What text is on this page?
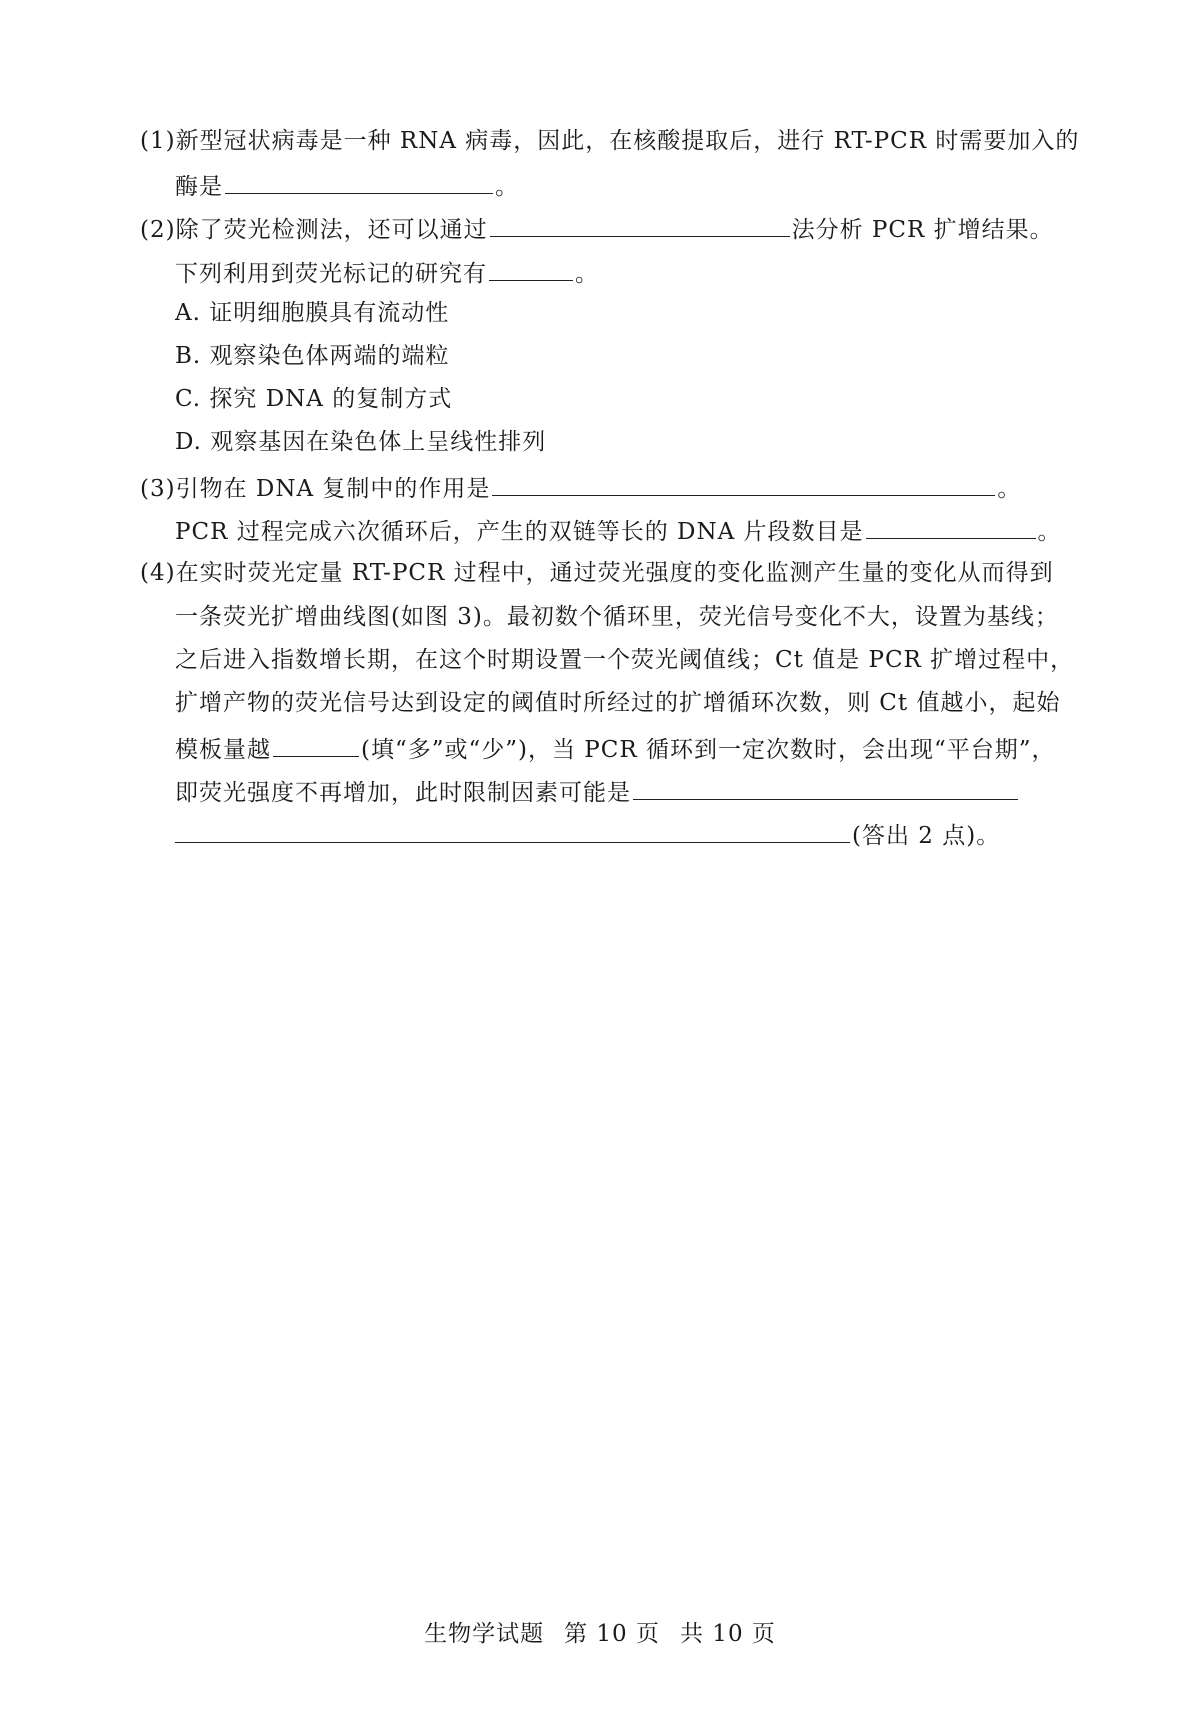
(1)新型冠状病毒是一种 RNA 病毒，因此，在核酸提取后，进行 RT-PCR 时需要加入的
酶是	。
(2)除了荧光检测法，还可以通过	法分析 PCR 扩增结果。
下列利用到荧光标记的研究有	。
A. 证明细胞膜具有流动性
B. 观察染色体两端的端粒
C. 探究 DNA 的复制方式
D. 观察基因在染色体上呈线性排列
(3)引物在 DNA 复制中的作用是	。
PCR 过程完成六次循环后，产生的双链等长的 DNA 片段数目是	。
(4)在实时荧光定量 RT-PCR 过程中，通过荧光强度的变化监测产生量的变化从而得到
一条荧光扩增曲线图(如图 3)。最初数个循环里，荧光信号变化不大，设置为基线；
之后进入指数增长期，在这个时期设置一个荧光阈值线；Ct 值是 PCR 扩增过程中，
扩增产物的荧光信号达到设定的阈值时所经过的扩增循环次数，则 Ct 值越小，起始
模板量越	(填“多”或“少”)，当 PCR 循环到一定次数时，会出现“平台期”，
即荧光强度不再增加，此时限制因素可能是
(答出 2 点)。
生物学试题 第 10 页 共 10 页
